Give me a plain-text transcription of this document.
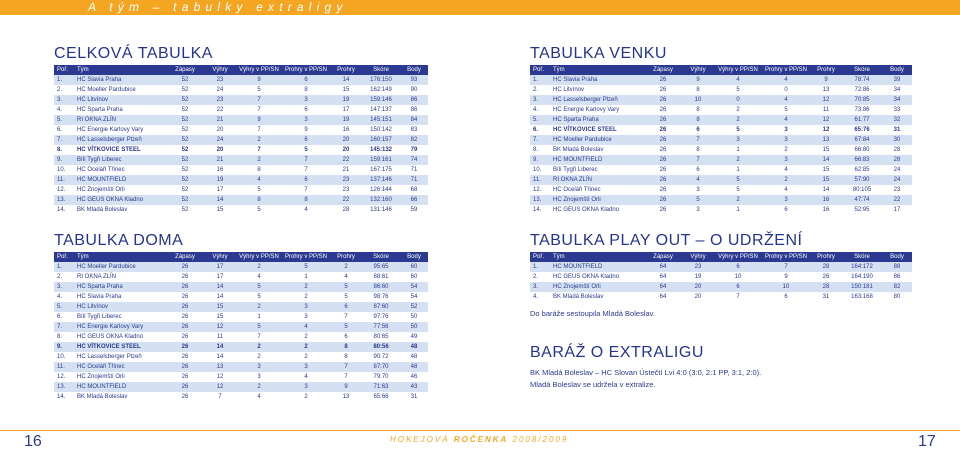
A tým – tabulky extraligy
CELKOVÁ TABULKA
Poř.	Tým	Zápasy	Výhry	Výhry v PP/SN	Prohry v PP/SN	Prohry	Skóre	Body
1.	HC Slavia Praha	52	23	9	6	14	176:150	93
2.	HC Moeller Pardubice	52	24	5	8	15	162:149	90
3.	HC Litvínov	52	23	7	3	19	159:146	86
4.	HC Sparta Praha	52	22	7	6	17	147:137	86
5.	RI OKNA ZLÍN	52	21	9	3	19	145:151	84
6.	HC Energie Karlovy Vary	52	20	7	9	16	150:142	83
7.	HC Lasselsberger Plzeň	52	24	2	6	20	160:157	82
8.	HC VÍTKOVICE STEEL	52	20	7	5	20	145:132	79
9.	Bílí Tygři Liberec	52	21	2	7	22	159:161	74
10.	HC Oceláři Třinec	52	16	8	7	21	167:175	71
11.	HC MOUNTFIELD	52	19	4	6	23	137:146	71
12.	HC Znojemští Orli	52	17	5	7	23	126:144	68
13.	HC GEUS OKNA Kladno	52	14	8	8	22	132:160	66
14.	BK Mladá Boleslav	52	15	5	4	28	131:146	59
TABULKA VENKU
Poř.	Tým	Zápasy	Výhry	Výhry v PP/SN	Prohry v PP/SN	Prohry	Skóre	Body
1.	HC Slavia Praha	26	9	4	4	9	78:74	39
2.	HC Litvínov	26	8	5	0	13	72:86	34
3.	HC Lasselsberger Plzeň	26	10	0	4	12	70:85	34
4.	HC Energie Karlovy Vary	26	8	2	5	11	73:86	33
5.	HC Sparta Praha	26	8	2	4	12	61:77	32
6.	HC VÍTKOVICE STEEL	26	6	5	3	12	65:76	31
7.	HC Moeller Pardubice	26	7	3	3	13	67:84	30
8.	BK Mladá Boleslav	26	8	1	2	15	66:80	28
9.	HC MOUNTFIELD	26	7	2	3	14	66:83	28
10.	Bílí Tygři Liberec	26	6	1	4	15	62:85	24
11.	RI OKNA ZLÍN	26	4	5	2	15	57:90	24
12.	HC Oceláři Třinec	26	3	5	4	14	80:105	23
13.	HC Znojemští Orli	26	5	2	3	16	47:74	22
14.	HC GEUS OKNA Kladno	26	3	1	6	16	52:95	17
TABULKA DOMA
Poř.	Tým	Zápasy	Výhry	Výhry v PP/SN	Prohry v PP/SN	Prohry	Skóre	Body
1.	HC Moeller Pardubice	26	17	2	5	2	95:65	60
2.	RI OKNA ZLÍN	26	17	4	1	4	88:61	60
3.	HC Sparta Praha	26	14	5	2	5	86:60	54
4.	HC Slavia Praha	26	14	5	2	5	98:76	54
5.	HC Litvínov	26	15	2	3	6	87:60	52
6.	Bílí Tygři Liberec	26	15	1	3	7	97:76	50
7.	HC Energie Karlovy Vary	26	12	5	4	5	77:56	50
8.	HC GEUS OKNA Kladno	26	11	7	2	6	80:65	49
9.	HC VÍTKOVICE STEEL	26	14	2	2	8	80:56	48
10.	HC Lasselsberger Plzeň	26	14	2	2	8	90:72	48
11.	HC Oceláři Třinec	26	13	3	3	7	87:70	48
12.	HC Znojemští Orli	26	12	3	4	7	79:70	46
13.	HC MOUNTFIELD	26	12	2	3	9	71:63	43
14.	BK Mladá Boleslav	26	7	4	2	13	65:66	31
TABULKA PLAY OUT – O UDRŽENÍ
Poř.	Tým	Zápasy	Výhry	Výhry v PP/SN	Prohry v PP/SN	Prohry	Skóre	Body
1.	HC MOUNTFIELD	64	23	6	7	28	164:172	88
2.	HC GEUS OKNA Kladno	64	19	10	9	26	164:190	86
3.	HC Znojemští Orli	64	20	6	10	28	150:181	82
4.	BK Mladá Boleslav	64	20	7	6	31	163:168	80
Do baráže sestoupila Mladá Boleslav.
BARÁŽ O EXTRALIGU
BK Mladá Boleslav – HC Slovan Ústečtí Lvi 4:0 (3:0, 2:1 PP, 3:1, 2:0).
Mladá Boleslav se udržela v extralize.
16	17
HOKEJOVÁ ROČENKA 2008/2009
